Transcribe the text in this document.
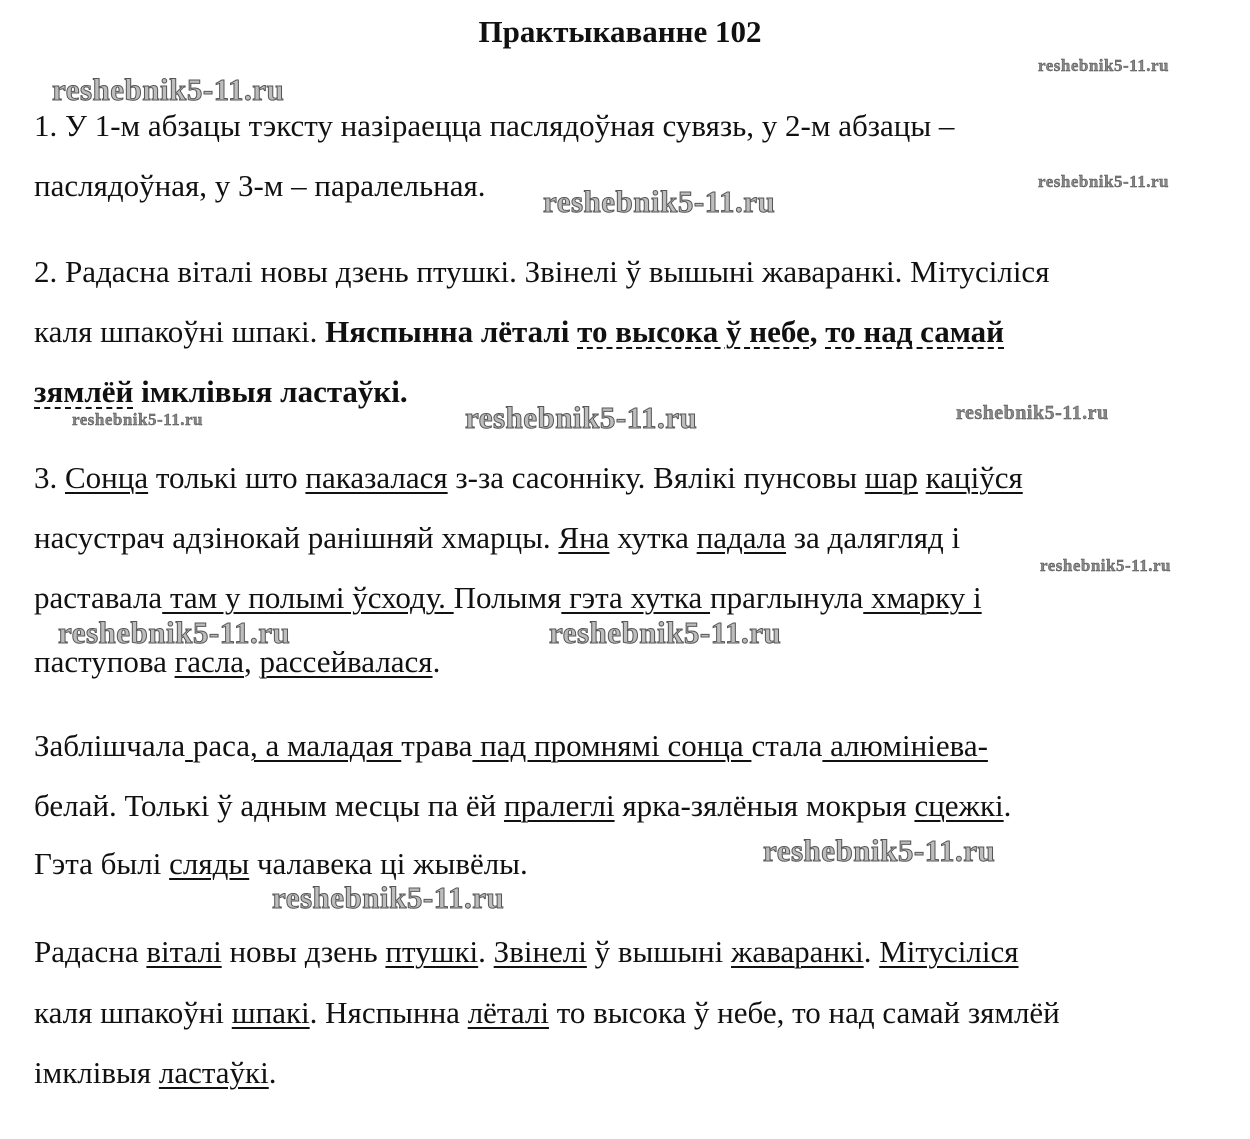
Практыкаванне 102
reshebnik5-11.ru
reshebnik5-11.ru
reshebnik5-11.ru
reshebnik5-11.ru
reshebnik5-11.ru	reshebnik5-11.ru	reshebnik5-11.ru
reshebnik5-11.ru
reshebnik5-11.ru	reshebnik5-11.ru
reshebnik5-11.ru
reshebnik5-11.ru
1. У 1-м абзацы тэксту назіраецца паслядоўная сувязь, у 2-м абзацы –
паслядоўная, у 3-м – паралельная.
2. Радасна віталі новы дзень птушкі. Звінелі ў вышыні жаваранкі. Мітусіліся
каля шпакоўні шпакі. Няспынна лёталі то высока ў небе, то над самай
зямлёй імклівыя ластаўкі.
3. Сонца толькі што паказалася з-за сасонніку. Вялікі пунсовы шар каціўся
насустрач адзінокай ранішняй хмарцы. Яна хутка падала за далягляд і
раставала там у полымі ўсходу. Полымя гэта хутка праглынула хмарку і
паступова гасла, рассейвалася.
Заблішчала раса, а маладая трава пад промнямі сонца стала алюмініева-
белай. Толькі ў адным месцы па ёй пралеглі ярка-зялёныя мокрыя сцежкі.
Гэта былі сляды чалавека ці жывёлы.
Радасна віталі новы дзень птушкі. Звінелі ў вышыні жаваранкі. Мітусіліся
каля шпакоўні шпакі. Няспынна лёталі то высока ў небе, то над самай зямлёй
імклівыя ластаўкі.
